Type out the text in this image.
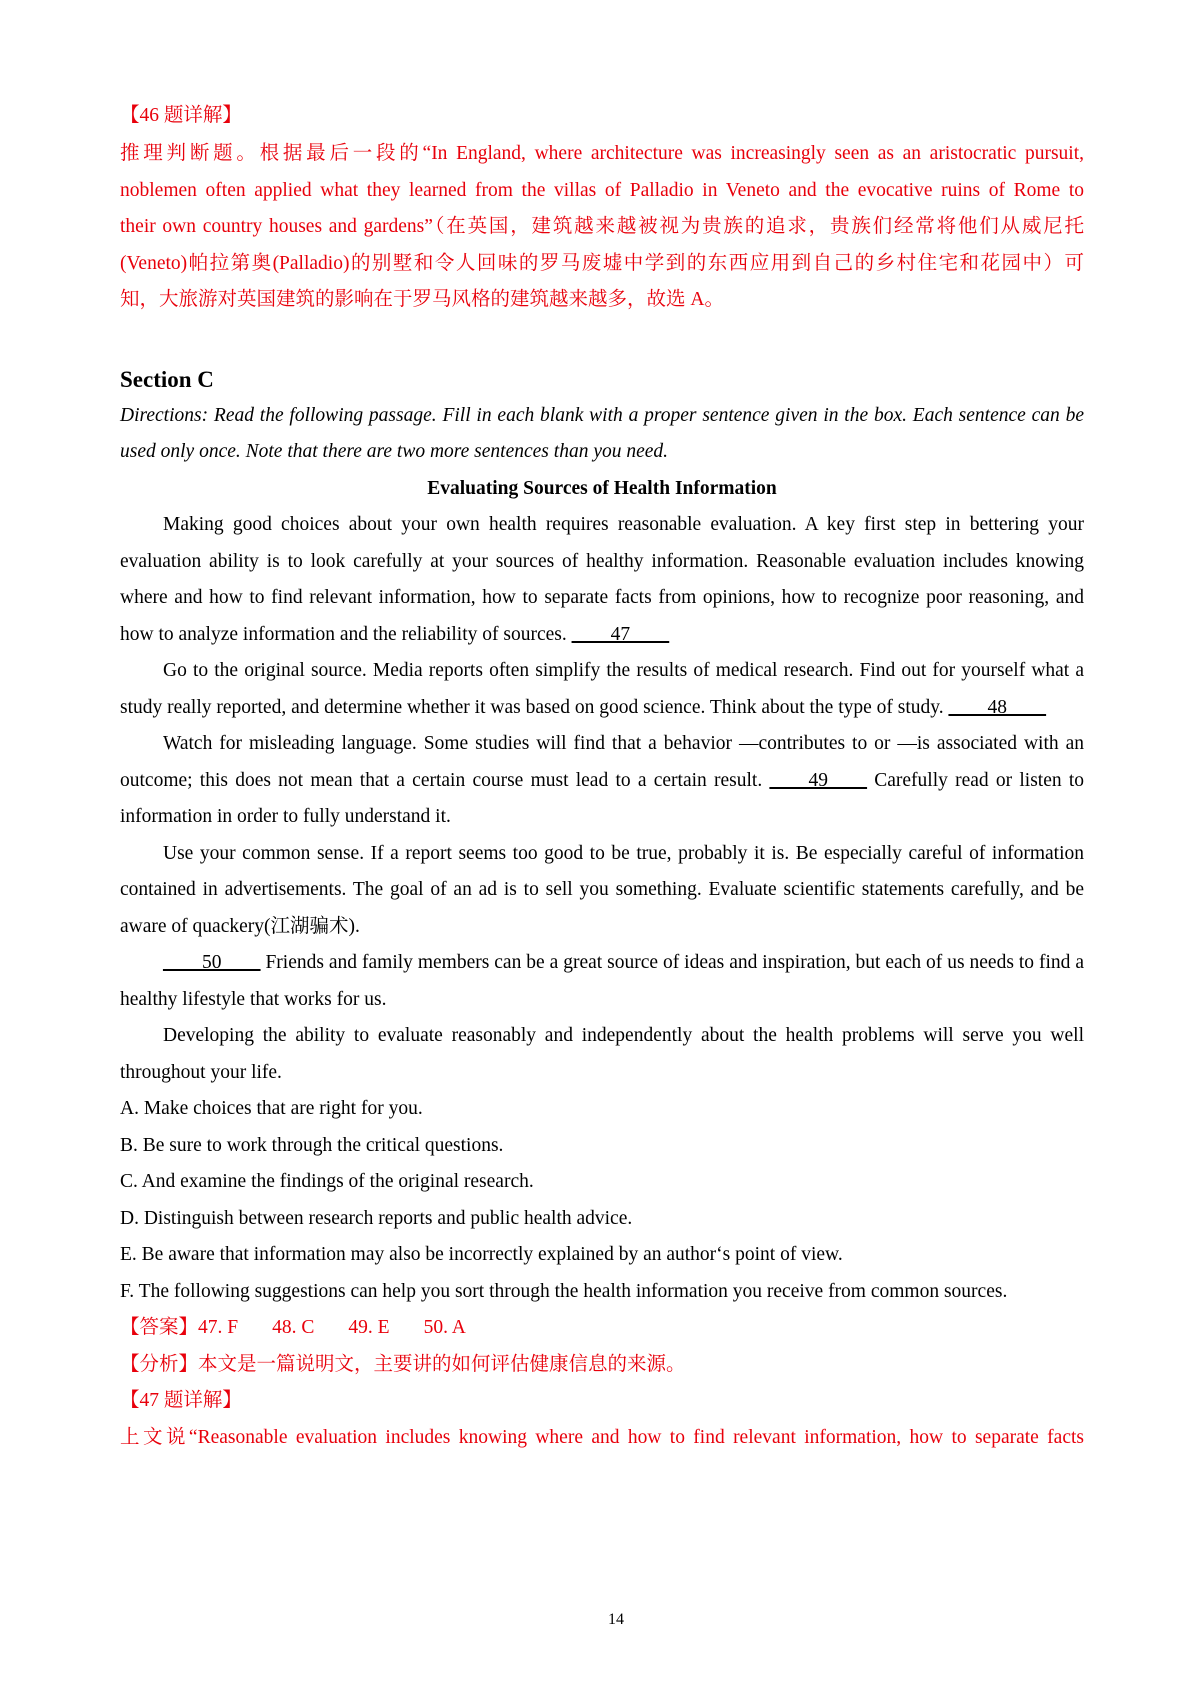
【46 题详解】
推理判断题。根据最后一段的“In England, where architecture was increasingly seen as an aristocratic pursuit,
noblemen often applied what they learned from the villas of Palladio in Veneto and the evocative ruins of Rome to
their own country houses and gardens”（在英国，建筑越来越被视为贵族的追求，贵族们经常将他们从威尼托
(Veneto)帕拉第奥(Palladio)的别墅和令人回味的罗马废墟中学到的东西应用到自己的乡村住宅和花园中）可
知，大旅游对英国建筑的影响在于罗马风格的建筑越来越多，故选 A。
Section C
Directions: Read the following passage. Fill in each blank with a proper sentence given in the box. Each sentence can be used only once. Note that there are two more sentences than you need.
Evaluating Sources of Health Information
Making good choices about your own health requires reasonable evaluation. A key first step in bettering your evaluation ability is to look carefully at your sources of healthy information. Reasonable evaluation includes knowing where and how to find relevant information, how to separate facts from opinions, how to recognize poor reasoning, and how to analyze information and the reliability of sources. ____47____
Go to the original source. Media reports often simplify the results of medical research. Find out for yourself what a study really reported, and determine whether it was based on good science. Think about the type of study. ____48____
Watch for misleading language. Some studies will find that a behavior ―contributes to or ―is associated with an outcome; this does not mean that a certain course must lead to a certain result. ____49____ Carefully read or listen to information in order to fully understand it.
Use your common sense. If a report seems too good to be true, probably it is. Be especially careful of information contained in advertisements. The goal of an ad is to sell you something. Evaluate scientific statements carefully, and be aware of quackery(江湖骗术).
____50____ Friends and family members can be a great source of ideas and inspiration, but each of us needs to find a healthy lifestyle that works for us.
Developing the ability to evaluate reasonably and independently about the health problems will serve you well throughout your life.
A. Make choices that are right for you.
B. Be sure to work through the critical questions.
C. And examine the findings of the original research.
D. Distinguish between research reports and public health advice.
E. Be aware that information may also be incorrectly explained by an author‘s point of view.
F. The following suggestions can help you sort through the health information you receive from common sources.
【答案】47. F 48. C 49. E 50. A
【分析】本文是一篇说明文，主要讲的如何评估健康信息的来源。
【47 题详解】
上文说“Reasonable evaluation includes knowing where and how to find relevant information, how to separate facts
14
